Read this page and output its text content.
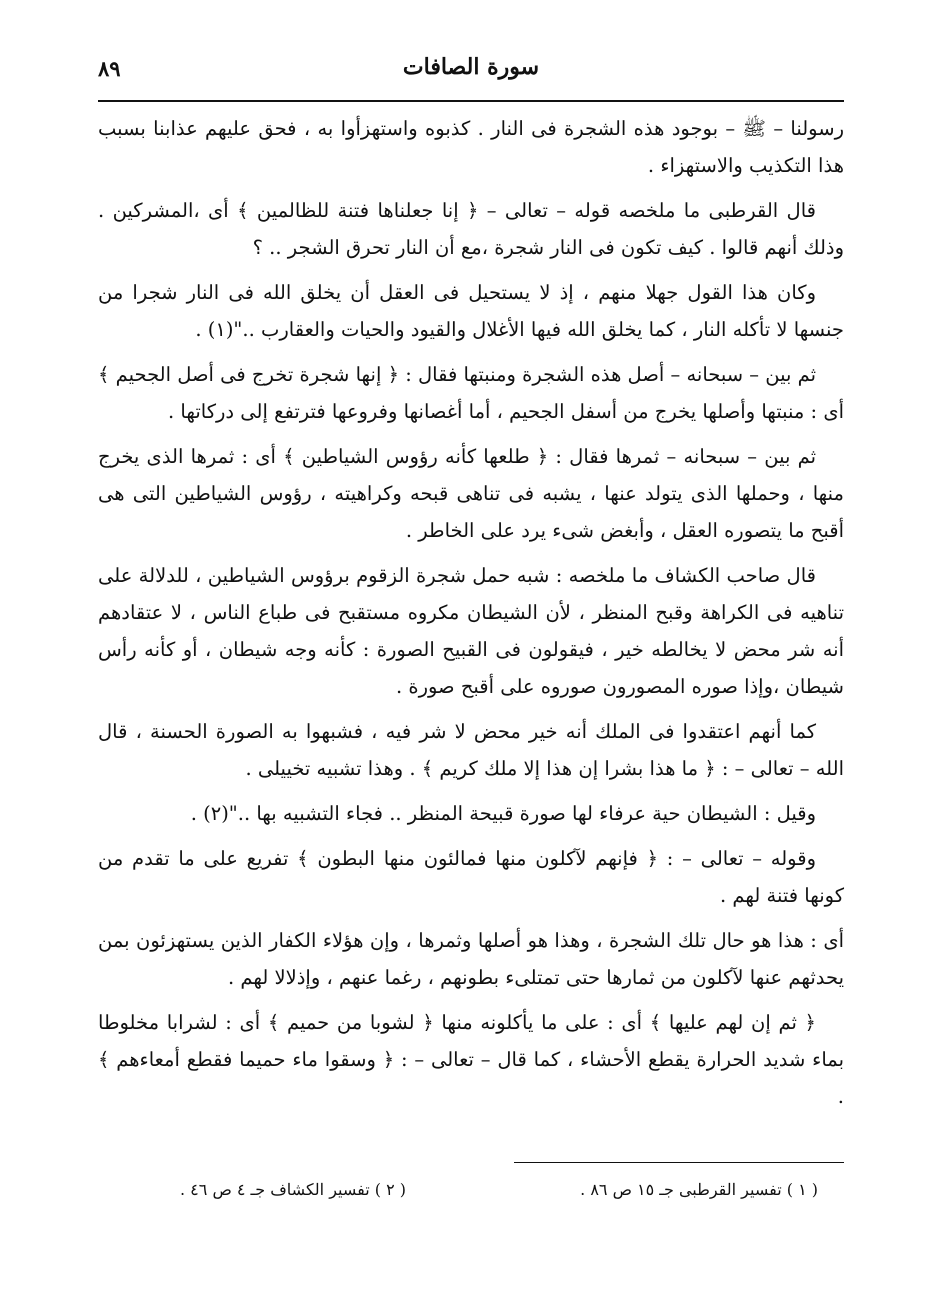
٨٩	سورة الصافات

رسولنا – ﷺ – بوجود هذه الشجرة فى النار . كذبوه واستهزأوا به ، فحق عليهم عذابنا بسبب هذا التكذيب والاستهزاء .

قال القرطبى ما ملخصه قوله – تعالى – ﴿ إنا جعلناها فتنة للظالمين ﴾ أى ،المشركين . وذلك أنهم قالوا . كيف تكون فى النار شجرة ،مع أن النار تحرق الشجر .. ؟

وكان هذا القول جهلا منهم ، إذ لا يستحيل فى العقل أن يخلق الله فى النار شجرا من جنسها لا تأكله النار ، كما يخلق الله فيها الأغلال والقيود والحيات والعقارب .."(١) .

ثم بين – سبحانه – أصل هذه الشجرة ومنبتها فقال : ﴿ إنها شجرة تخرج فى أصل الجحيم ﴾ أى : منبتها وأصلها يخرج من أسفل الجحيم ، أما أغصانها وفروعها فترتفع إلى دركاتها .

ثم بين – سبحانه – ثمرها فقال : ﴿ طلعها كأنه رؤوس الشياطين ﴾ أى : ثمرها الذى يخرج منها ، وحملها الذى يتولد عنها ، يشبه فى تناهى قبحه وكراهيته ، رؤوس الشياطين التى هى أقبح ما يتصوره العقل ، وأبغض شىء يرد على الخاطر .

قال صاحب الكشاف ما ملخصه : شبه حمل شجرة الزقوم برؤوس الشياطين ، للدلالة على تناهيه فى الكراهة وقبح المنظر ، لأن الشيطان مكروه مستقبح فى طباع الناس ، لا عتقادهم أنه شر محض لا يخالطه خير ، فيقولون فى القبيح الصورة : كأنه وجه شيطان ، أو كأنه رأس شيطان ،وإذا صوره المصورون صوروه على أقبح صورة .

كما أنهم اعتقدوا فى الملك أنه خير محض لا شر فيه ، فشبهوا به الصورة الحسنة ، قال الله – تعالى – : ﴿ ما هذا بشرا إن هذا إلا ملك كريم ﴾ . وهذا تشبيه تخييلى .

وقيل : الشيطان حية عرفاء لها صورة قبيحة المنظر .. فجاء التشبيه بها .."(٢) .

وقوله – تعالى – : ﴿ فإنهم لآكلون منها فمالئون منها البطون ﴾ تفريع على ما تقدم من كونها فتنة لهم .

أى : هذا هو حال تلك الشجرة ، وهذا هو أصلها وثمرها ، وإن هؤلاء الكفار الذين يستهزئون بمن يحدثهم عنها لآكلون من ثمارها حتى تمتلىء بطونهم ، رغما عنهم ، وإذلالا لهم .

﴿ ثم إن لهم عليها ﴾ أى : على ما يأكلونه منها ﴿ لشوبا من حميم ﴾ أى : لشرابا مخلوطا بماء شديد الحرارة يقطع الأحشاء ، كما قال – تعالى – : ﴿ وسقوا ماء حميما فقطع أمعاءهم ﴾ .

( ١ ) تفسير القرطبى جـ ١٥ ص ٨٦ .
( ٢ ) تفسير الكشاف جـ ٤ ص ٤٦ .
